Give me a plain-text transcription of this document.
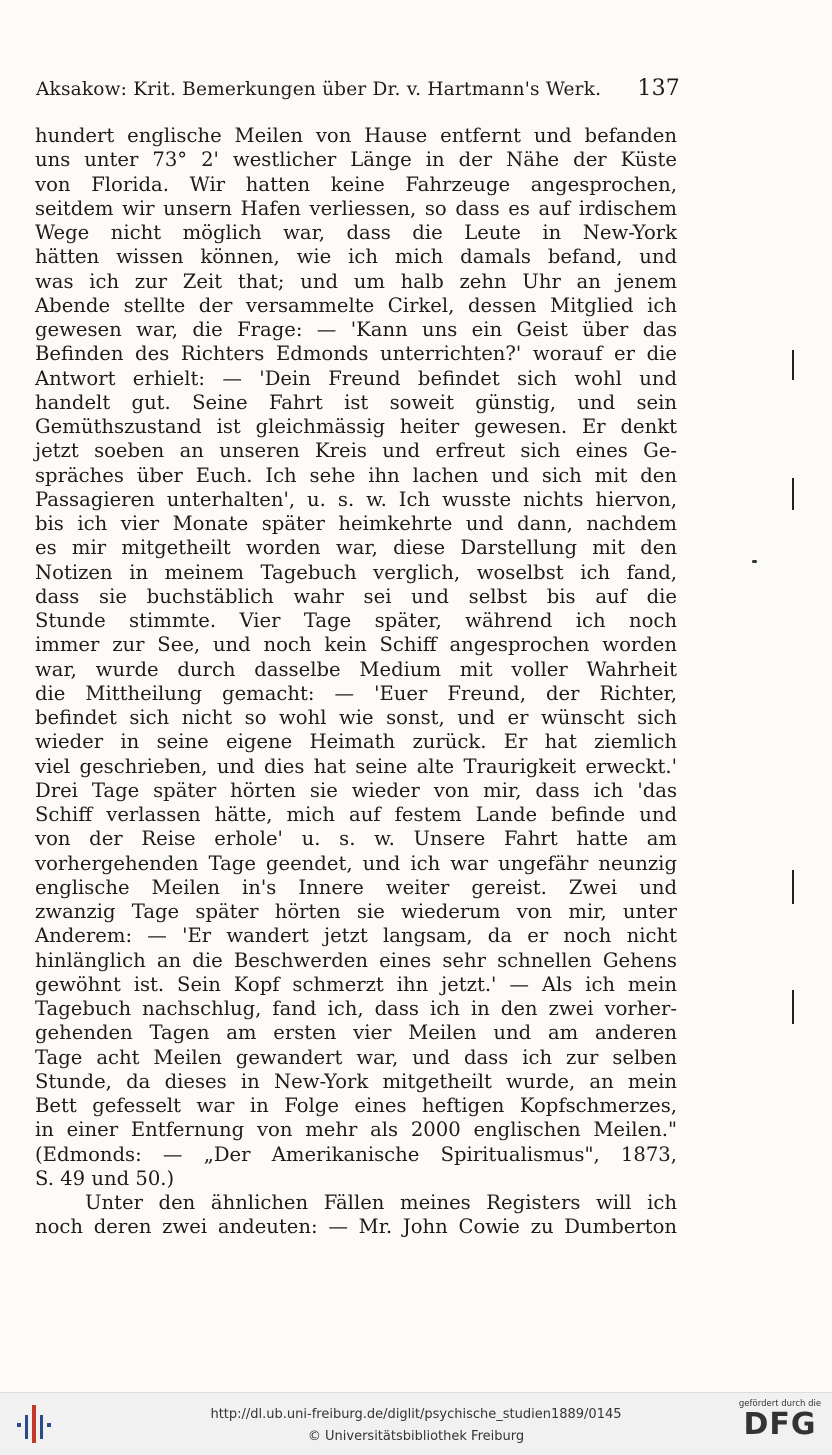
Aksakow: Krit. Bemerkungen über Dr. v. Hartmann's Werk. 137
hundert englische Meilen von Hause entfernt und befanden
uns unter 73° 2' westlicher Länge in der Nähe der Küste
von Florida. Wir hatten keine Fahrzeuge angesprochen,
seitdem wir unsern Hafen verliessen, so dass es auf irdischem
Wege nicht möglich war, dass die Leute in New-York
hätten wissen können, wie ich mich damals befand, und
was ich zur Zeit that; und um halb zehn Uhr an jenem
Abende stellte der versammelte Cirkel, dessen Mitglied ich
gewesen war, die Frage: — 'Kann uns ein Geist über das
Befinden des Richters Edmonds unterrichten?' worauf er die
Antwort erhielt: — 'Dein Freund befindet sich wohl und
handelt gut. Seine Fahrt ist soweit günstig, und sein
Gemüthszustand ist gleichmässig heiter gewesen. Er denkt
jetzt soeben an unseren Kreis und erfreut sich eines Ge-
spräches über Euch. Ich sehe ihn lachen und sich mit den
Passagieren unterhalten', u. s. w. Ich wusste nichts hiervon,
bis ich vier Monate später heimkehrte und dann, nachdem
es mir mitgetheilt worden war, diese Darstellung mit den
Notizen in meinem Tagebuch verglich, woselbst ich fand,
dass sie buchstäblich wahr sei und selbst bis auf die
Stunde stimmte. Vier Tage später, während ich noch
immer zur See, und noch kein Schiff angesprochen worden
war, wurde durch dasselbe Medium mit voller Wahrheit
die Mittheilung gemacht: — 'Euer Freund, der Richter,
befindet sich nicht so wohl wie sonst, und er wünscht sich
wieder in seine eigene Heimath zurück. Er hat ziemlich
viel geschrieben, und dies hat seine alte Traurigkeit erweckt.'
Drei Tage später hörten sie wieder von mir, dass ich 'das
Schiff verlassen hätte, mich auf festem Lande befinde und
von der Reise erhole' u. s. w. Unsere Fahrt hatte am
vorhergehenden Tage geendet, und ich war ungefähr neunzig
englische Meilen in's Innere weiter gereist. Zwei und
zwanzig Tage später hörten sie wiederum von mir, unter
Anderem: — 'Er wandert jetzt langsam, da er noch nicht
hinlänglich an die Beschwerden eines sehr schnellen Gehens
gewöhnt ist. Sein Kopf schmerzt ihn jetzt.' — Als ich mein
Tagebuch nachschlug, fand ich, dass ich in den zwei vorher-
gehenden Tagen am ersten vier Meilen und am anderen
Tage acht Meilen gewandert war, und dass ich zur selben
Stunde, da dieses in New-York mitgetheilt wurde, an mein
Bett gefesselt war in Folge eines heftigen Kopfschmerzes,
in einer Entfernung von mehr als 2000 englischen Meilen."
(Edmonds: — „Der Amerikanische Spiritualismus", 1873,
S. 49 und 50.)
Unter den ähnlichen Fällen meines Registers will ich
noch deren zwei andeuten: — Mr. John Cowie zu Dumberton
http://dl.ub.uni-freiburg.de/diglit/psychische_studien1889/0145
© Universitätsbibliothek Freiburg
gefördert durch die
DFG
